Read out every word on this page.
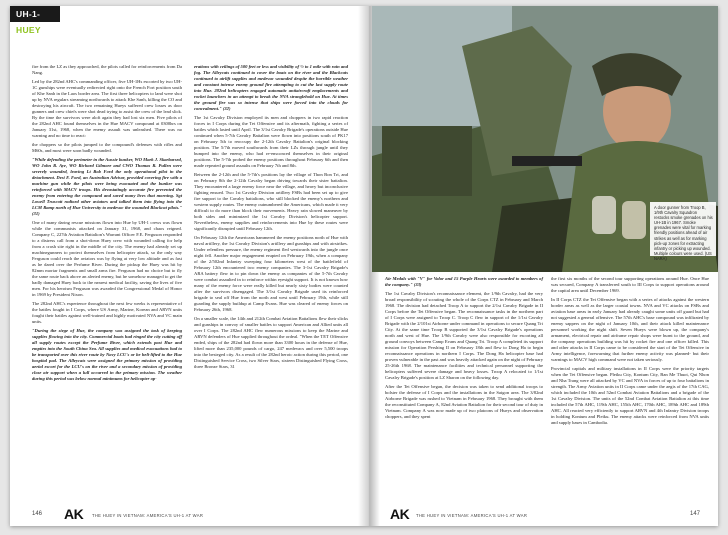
UH-1-HUEY

fire from the LZ as they approached, the pilots called for reinforcements from Da Nang.

Led by the 282nd AHC's commanding officer, five UH-1Hs escorted by two UH-1C gunships were eventually redirected right onto the French Fort position south of Khe Sanh in the Laos border area. The first three helicopters to land were shot up by NVA regulars streaming northwards to attack Khe Sanh, killing the CO and destroying his aircraft. The two remaining Hueys suffered crew losses as door gunners and crew chiefs were shot dead trying to assist the crew of the lead slick. By the time the survivors were aloft again they had lost six men. Five pilots of the 282nd AHC found themselves in the Hue MACV compound at 0300hrs on January 31st, 1968, when the enemy assault was unleashed. There was no warning and no time to react:

the choppers so the pilots jumped to the compound's defenses with rifles and M60s, and most were soon badly wounded.

"While defending the perimeter in the Aussie bunker, WO Mark J. Skarbarsed, WO John R. Aye, WO Richard Gilmore and CWO Thomas R. Pullen were severely wounded, leaving Lt Bob Ford the only operational pilot in the detachment. Desi F. Ford, an Australian Advisor, provided covering fire with a machine gun while the pilots were being evacuated and the bunker was reinforced with MACV troops. His devastatingly accurate fire prevented the enemy from entering the compound and saved many lives that morning. Sgt Lowell Truscott radioed other aviators and talked them into flying into the LCM Ramp north of Hue University to medevac the wounded Blackcat pilots." (31)

One of many daring rescue missions flown into Hue by UH-1 crews was flown while the communists attacked on January 31, 1968, and chaos reigned. Company C, 227th Aviation Battalion's Warrant Officer F.E. Ferguson responded to a distress call from a shot-down Huey crew with wounded calling for help from a crash site right in the middle of the city. The enemy had already set up machinegunners to protect themselves from helicopter attack, so the only way Ferguson could reach the aviators was by flying at very low altitude and as fast as he dared over the Perfume River. During the pickup the Huey was hit by 82mm mortar fragments and small arms fire. Ferguson had no choice but to fly the same route back above an alerted enemy, but he somehow managed to get the badly damaged Huey back to the nearest medical facility, saving the lives of five men. For his heroism Ferguson was awarded the Congressional Medal of Honor in 1969 by President Nixon.

The 282nd AHC's experience throughout the next few weeks is representative of the battles fought in I Corps, where US Army, Marine, Korean and ARVN units fought their battles against well-trained and highly motivated NVA and VC main units.

"During the siege of Hue, the company was assigned the task of keeping supplies flowing into the city. Commercial boats had ringed the city cutting off all supply routes except the Perfume River, which extends past Hue and empties into the South China Sea. All supplies and medical evacuations had to be transported over this river route by Navy LCU's or be heli-lifted to the Hue hospital pad. The Alleycats were assigned the primary mission of providing aerial escort for the LCU's on the river and a secondary mission of providing close air support when a lull occurred in the primary mission. The weather during this period was below normal minimums for helicopter op-

erations with ceilings of 500 feet or less and visibility of ½ to 1 mile with rain and fog. The Alleycats continued to cover the boats on the river and the Blackcats continued to airlift supplies and medevac wounded despite the horrible weather and constant intense enemy ground fire attempting to cut the last supply route into Hue. 282nd helicopters engaged automatic antiaircraft emplacements and rocket launchers in an attempt to break the NVA stranglehold on Hue. At times the ground fire was so intense that ships were forced into the clouds for concealment." (32)

The 1st Cavalry Division employed its men and choppers in two rapid reaction forces in I Corps during the Tet Offensive and its aftermath, fighting a series of battles which lasted until April. The 3/1st Cavalry Brigade's operations outside Hue continued when 5-7th Cavalry Battalion were flown into positions south of PK17 on February 5th to reoccupy the 2-12th Cavalry Battalion's original blocking position. The 5/7th moved southwards from their LZs through jungle until they bumped into the enemy, who had re-ensconced themselves in their original positions. The 5-7th probed the enemy positions throughout February 6th and then made repeated ground assaults on February 7th and 8th.

Between the 2-12th and the 5-7th's positions lay the village of Thon Bon Tri, and on February 8th the 2-12th Cavalry began driving towards their sister battalion. They encountered a large enemy force near the village, and heavy but inconclusive fighting ensued. Two 1st Cavalry Division artillery FSBs had been set up to give fire support to the Cavalry battalions, who still blocked the enemy's northern and western supply routes. The enemy outnumbered the Americans, which made it very difficult to do more than block their movements. Heavy rain slowed maneuver by both sides and minimized the 1st Cavalry Division's helicopter support. Nevertheless, enemy supplies and reinforcements into Hue by these routes were significantly disrupted until February 12th.

On February 12th the Americans hammered the enemy positions north of Hue with naval artillery, the 1st Cavalry Division's artillery and gunships and with airstrikes. Under relentless pressure, the enemy regiment fled westwards into the jungle once night fell. Another major engagement erupted on February 19th, when a company of the 2/502nd Infantry sweeping four kilometers west of the battlefield of February 12th encountered two enemy companies. The 3-1st Cavalry Brigade's ARA battery flew in to pin down the enemy as companies of the 5-7th Cavalry were combat assaulted in to reinforce within eyesight support. It is not known how many of the enemy force were really killed but nearly sixty bodies were counted after the survivors disengaged. The 3/1st Cavalry Brigade used its reinforced brigade to seal off Hue from the north and west until February 19th, while still guarding the supply buildup at Camp Evans. Hue was cleared of enemy forces on February 26th, 1968.

On a smaller scale, the 14th and 212th Combat Aviation Battalions flew their slicks and gunships in convoy of smaller battles to support American and Allied units all over I Corps. The 282nd AHC flew numerous missions to keep the Marine and ARVN defenders of Hue supplied throughout the ordeal. "When the TET Offensive ended, ships of the 282nd had flown more than 3300 hours in the defense of Hue, lifted more than 235,000 pounds of cargo, 247 medevacs and over 5,500 troops into the besieged city. As a result of the 282nd heroic action during this period, one Distinguished Service Cross, two Silver Stars, sixteen Distinguished Flying Cross, three Bronze Stars, 31

A door gunner from Troop B, 1/9th Cavalry Squadron restocks smoke grenades on his UH-1B in 1967. Smoke grenades were vital for marking friendly positions ahead of air strikes as well as for marking pick-up zones for extracting infantry or picking up wounded. Multiple colours were used. (US NARA)

Air Medals with "V" for Valor and 15 Purple Hearts were awarded to members of the company." (33)

The 1st Cavalry Division's reconnaissance element, the 1/9th Cavalry, had the very broad responsibility of scouting the whole of the Corps CTZ in February and March 1968. The division had detached Troop A to support the 2/1st Cavalry Brigade in II Corps before the Tet Offensive began. The reconnaissance tasks in the northern part of I Corps were assigned to Troop C. Troop C flew in support of the 1/1st Cavalry Brigade with the 2/101st Airborne under command in operations to secure Quang Tri City. At the same time Troop B supported the 3/1st Cavalry Brigade's operations north and west of Hue. The 1/9th Cavalry were also responsible for escorting all ground convoys between Camp Evans and Quang Tri. Troop A completed its support mission for Operation Pershing II on February 18th and flew to Dong Ha to begin reconnaissance operations in northern I Corps. The Dong Ha helicopter base had proven vulnerable in the past and was heavily attacked again on the night of February 25-26th 1968. The maintenance facilities and technical personnel supporting the helicopters suffered severe damage and heavy losses. Troop A relocated to 1/1st Cavalry Brigade's position at LZ Sharon on the following day.

After the Tet Offensive began, the decision was taken to send additional troops to bolster the defense of I Corps and the installations in the Saigon area. The 3/82nd Airborne Brigade was rushed to Vietnam in February 1968. They brought with them the reconstituted Company A, 82nd Aviation Battalion for their second tour of duty in Vietnam. Company A was now made up of two platoons of Hueys and observation choppers, and they spent

the first six months of the second tour supporting operations around Hue. Once Hue was secured, Company A transferred south to III Corps to support operations around the capital area until December 1969.

In II Corps CTZ the Tet Offensive began with a series of attacks against the western border areas as well as the larger coastal towns. NVA and VC attacks on FSBs and aviation base areas in early January had already caught some units off guard but had not suggested a general offensive. The 57th AHC's base compound was infiltrated by enemy sappers on the night of January 10th, and their attack killed maintenance personnel working the night shift. Seven Hueys were blown up, the company's armament, electrical repair and airframe repair shops were burnt to the ground, and the company operations building was hit by rocket fire and one officer killed. This and other attacks in II Corps came to be considered the start of the Tet Offensive in Army intelligence, forewarning that further enemy activity was planned- but their warnings to MACV high command were not taken seriously.

Provincial capitals and military installations in II Corps were the priority targets when the Tet Offensive began. Pleiku City, Kontum City, Ban Me Thuot, Qui Nhon and Nha Trang were all attacked by VC and NVA in forces of up to four battalions in strength. The Army Aviation units in II Corps came under the aegis of the 17th CAG, which included the 10th and 52nd Combat Aviation Battalions and a brigade of the 1st Cavalry Division. The units of the 52nd Combat Aviation Battalion at this time included the 57th AHC, 119th AHC, 155th AHC, 170th AHC, 189th AHC and 189th AHC. All reacted very efficiently to support ARVN and 4th Infantry Division troops in holding Kontum and Pleiku. The enemy attacks were reinforced from NVA units and supply bases in Cambodia.

146 AK THE HUEY IN VIETNAM: AMERICA'S UH-1 AT WAR	AK THE HUEY IN VIETNAM: AMERICA'S UH-1 AT WAR	147
